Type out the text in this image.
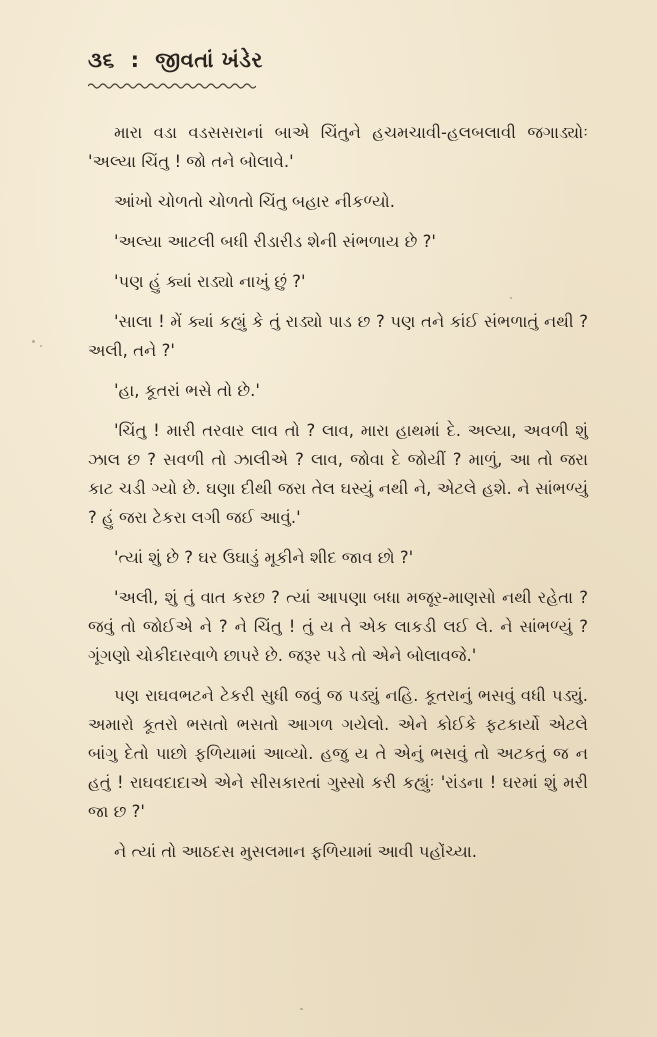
૩૬ : જીવતાં ખંડેર

મારા વડા વડસસરાનાં બાએ ચિંતુને હચમચાવી-હલબલાવી જગાડ્યોઃ 'અલ્યા ચિંતુ ! જો તને બોલાવે.'

આંખો ચોળતો ચોળતો ચિંતુ બહાર નીકળ્યો.

'અલ્યા આટલી બધી રીડારીડ શેની સંભળાય છે ?'

'પણ હું ક્યાં રાડ્યો નાખું છું ?'

'સાલા ! મેં ક્યાં કહ્યું કે તું રાડ્યો પાડ છ ? પણ તને કાંઈ સંભળાતું નથી ? અલી, તને ?'

'હા, કૂતરાં ભસે તો છે.'

'ચિંતુ ! મારી તરવાર લાવ તો ? લાવ, મારા હાથમાં દે. અલ્યા, અવળી શું ઝાલ છ ? સવળી તો ઝાલીએ ? લાવ, જોવા દે જોયીં ? માળું, આ તો જરા કાટ ચડી ગ્યો છે. ઘણા દીથી જરા તેલ ઘસ્યું નથી ને, એટલે હશે. ને સાંભળ્યું ? હું જરા ટેકરા લગી જઈ આવું.'

'ત્યાં શું છે ? ઘર ઉઘાડું મૂકીને શીદ જાવ છો ?'

'અલી, શું તું વાત કરછ ? ત્યાં આપણા બધા મજૂર-માણસો નથી રહેતા ? જવું તો જોઈએ ને ? ને ચિંતુ ! તું ય તે એક લાકડી લઈ લે. ને સાંભળ્યું ? ગૂંગણો ચોકીદારવાળે છાપરે છે. જરૂર પડે તો એને બોલાવજે.'

પણ રાઘવભટને ટેકરી સુધી જવું જ પડ્યું નહિ. કૂતરાનું ભસવું વધી પડ્યું. અમારો કૂતરો ભસતો ભસતો આગળ ગયેલો. એને કોઈકે ફટકાર્યો એટલે બાંગુ દેતો પાછો ફળિયામાં આવ્યો. હજુ ય તે એનું ભસવું તો અટકતું જ ન હતું ! રાઘવદાદાએ એને સીસકારતાં ગુસ્સો કરી કહ્યુંઃ 'રાંડના ! ઘરમાં શું મરી જા છ ?'

ને ત્યાં તો આઠદસ મુસલમાન ફળિયામાં આવી પહોંચ્યા.
